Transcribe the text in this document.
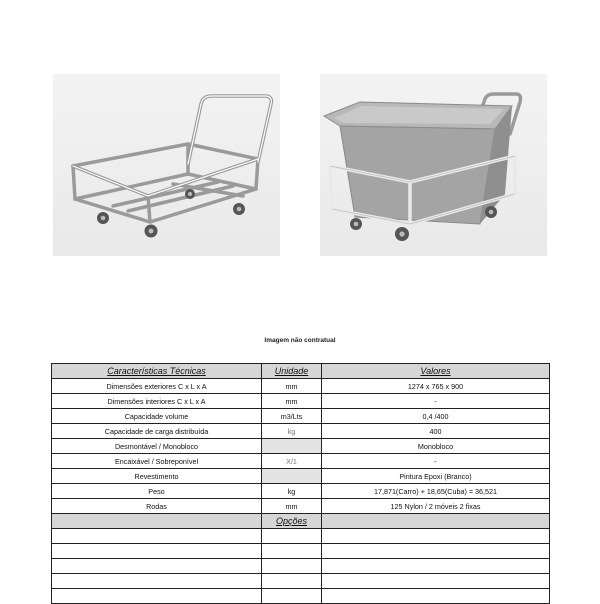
Imagem não contratual
Características Técnicas	Unidade	Valores
Dimensões exteriores C x L x A	mm	1274 x 765 x 900
Dimensões interiores C x L x A	mm	-
Capacidade volume	m3/Lts	0,4 /400
Capacidade de carga distribuída	kg	400
Desmontável / Monobloco		Monobloco
Encaixável / Sobreponível	X/1	-
Revestimento		Pintura Epoxi (Branco)
Peso	kg	17,871(Carro) + 18,65(Cuba) = 36,521
Rodas	mm	125 Nylon / 2 móveis 2 fixas
	Opções	
